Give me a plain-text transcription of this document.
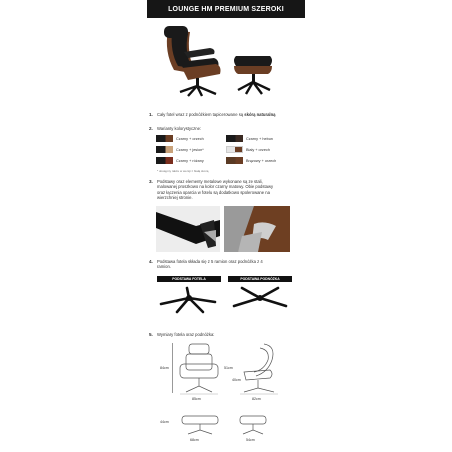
LOUNGE HM PREMIUM SZEROKI
1. Cały fotel wraz z podnóżkiem tapicerowane są skórą naturalną
2. Warianty kolorystyczne:
Czarny + orzech	Czarny + hebun
Czarny + jesion*	Biały + orzech
Czarny + różany	Brązowy + orzech
* dostępny także w wersji z białą skórą
3. Podstawy oraz elementy metalowe wykonane są ze stali,
malowanej proszkowo na kolor czarny matowy. Obie podstawy
oraz łączenia oparcia w fotelu są dodatkowo spolerowane na
wierzchniej stronie.
4. Podstawa fotela składa się z 5 ramion oraz podnóżka z 4
ramion.
PODSTAWA FOTELA	PODSTAWA PODNÓŻKA
5. Wymiary fotela oraz podnóżka:
84cm
85cm
51cm
40cm
82cm
44cm
68cm	54cm
